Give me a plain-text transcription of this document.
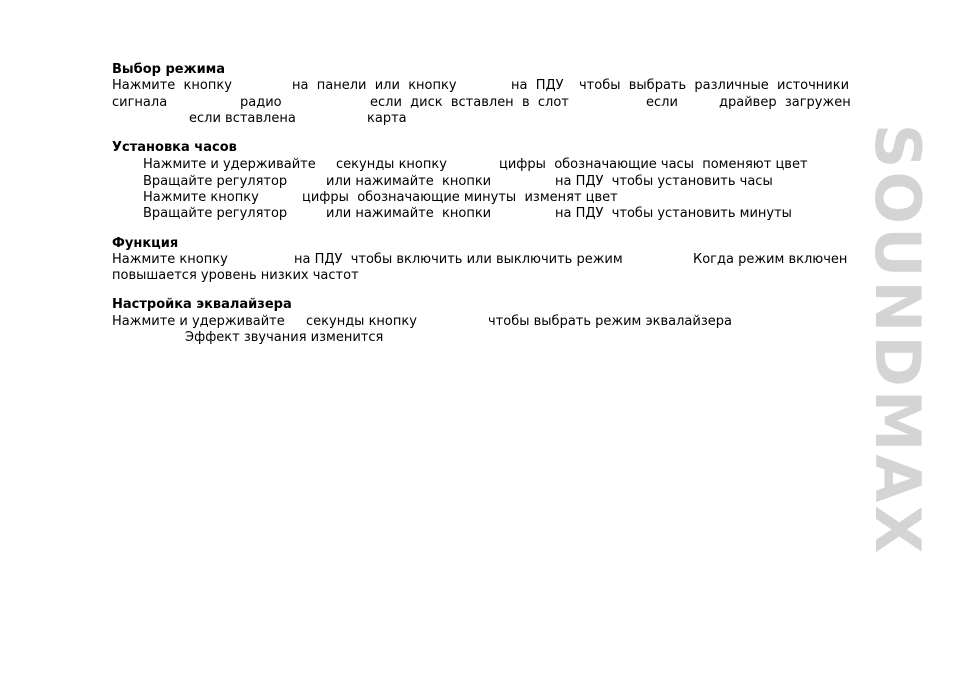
Выбор режима
Нажмите  кнопку	на  панели  или  кнопку	на  ПДУ чтобы  выбрать  различные  источники
сигнала	радио	если  диск  вставлен  в  слот	если	драйвер  загружен
если вставлена	карта
Установка часов
Нажмите и удерживайте секунды кнопку	цифры  обозначающие часы  поменяют цвет
Вращайте регулятор	или нажимайте  кнопки	на ПДУ  чтобы установить часы
Нажмите кнопку	цифры  обозначающие минуты  изменят цвет
Вращайте регулятор	или нажимайте  кнопки	на ПДУ  чтобы установить минуты
Функция
Нажмите кнопку	на ПДУ  чтобы включить или выключить режим	Когда режим включен
повышается уровень низких частот
Настройка эквалайзера
Нажмите и удерживайте секунды кнопку	чтобы выбрать режим эквалайзера
Эффект звучания изменится	SOUNDMAX
